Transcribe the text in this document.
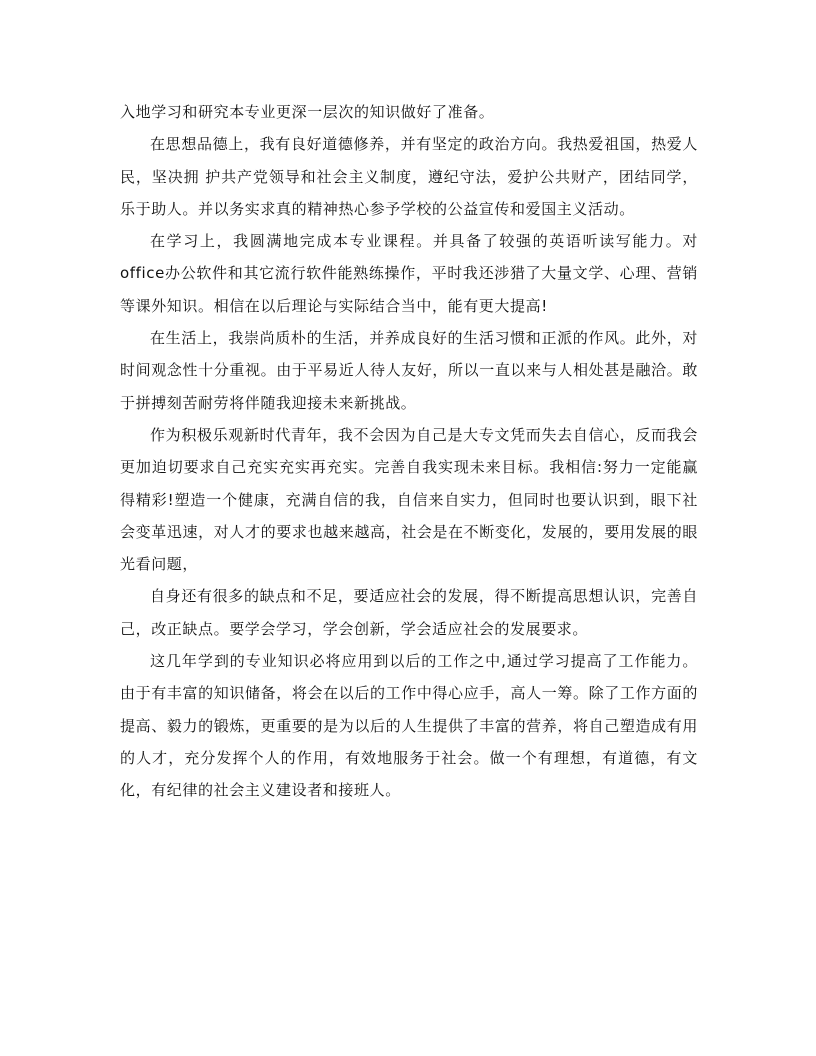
入地学习和研究本专业更深一层次的知识做好了准备。

在思想品德上，我有良好道德修养，并有坚定的政治方向。我热爱祖国，热爱人民，坚决拥 护共产党领导和社会主义制度，遵纪守法，爱护公共财产，团结同学，乐于助人。并以务实求真的精神热心参予学校的公益宣传和爱国主义活动。

在学习上，我圆满地完成本专业课程。并具备了较强的英语听读写能力。对office办公软件和其它流行软件能熟练操作，平时我还涉猎了大量文学、心理、营销等课外知识。相信在以后理论与实际结合当中，能有更大提高!

在生活上，我崇尚质朴的生活，并养成良好的生活习惯和正派的作风。此外，对时间观念性十分重视。由于平易近人待人友好，所以一直以来与人相处甚是融洽。敢于拼搏刻苦耐劳将伴随我迎接未来新挑战。

作为积极乐观新时代青年，我不会因为自己是大专文凭而失去自信心，反而我会更加迫切要求自己充实充实再充实。完善自我实现未来目标。我相信:努力一定能赢得精彩!塑造一个健康，充满自信的我，自信来自实力，但同时也要认识到，眼下社会变革迅速，对人才的要求也越来越高，社会是在不断变化，发展的，要用发展的眼光看问题，

自身还有很多的缺点和不足，要适应社会的发展，得不断提高思想认识，完善自己，改正缺点。要学会学习，学会创新，学会适应社会的发展要求。

这几年学到的专业知识必将应用到以后的工作之中,通过学习提高了工作能力。由于有丰富的知识储备，将会在以后的工作中得心应手，高人一筹。除了工作方面的提高、毅力的锻炼，更重要的是为以后的人生提供了丰富的营养，将自己塑造成有用的人才，充分发挥个人的作用，有效地服务于社会。做一个有理想，有道德，有文化，有纪律的社会主义建设者和接班人。
